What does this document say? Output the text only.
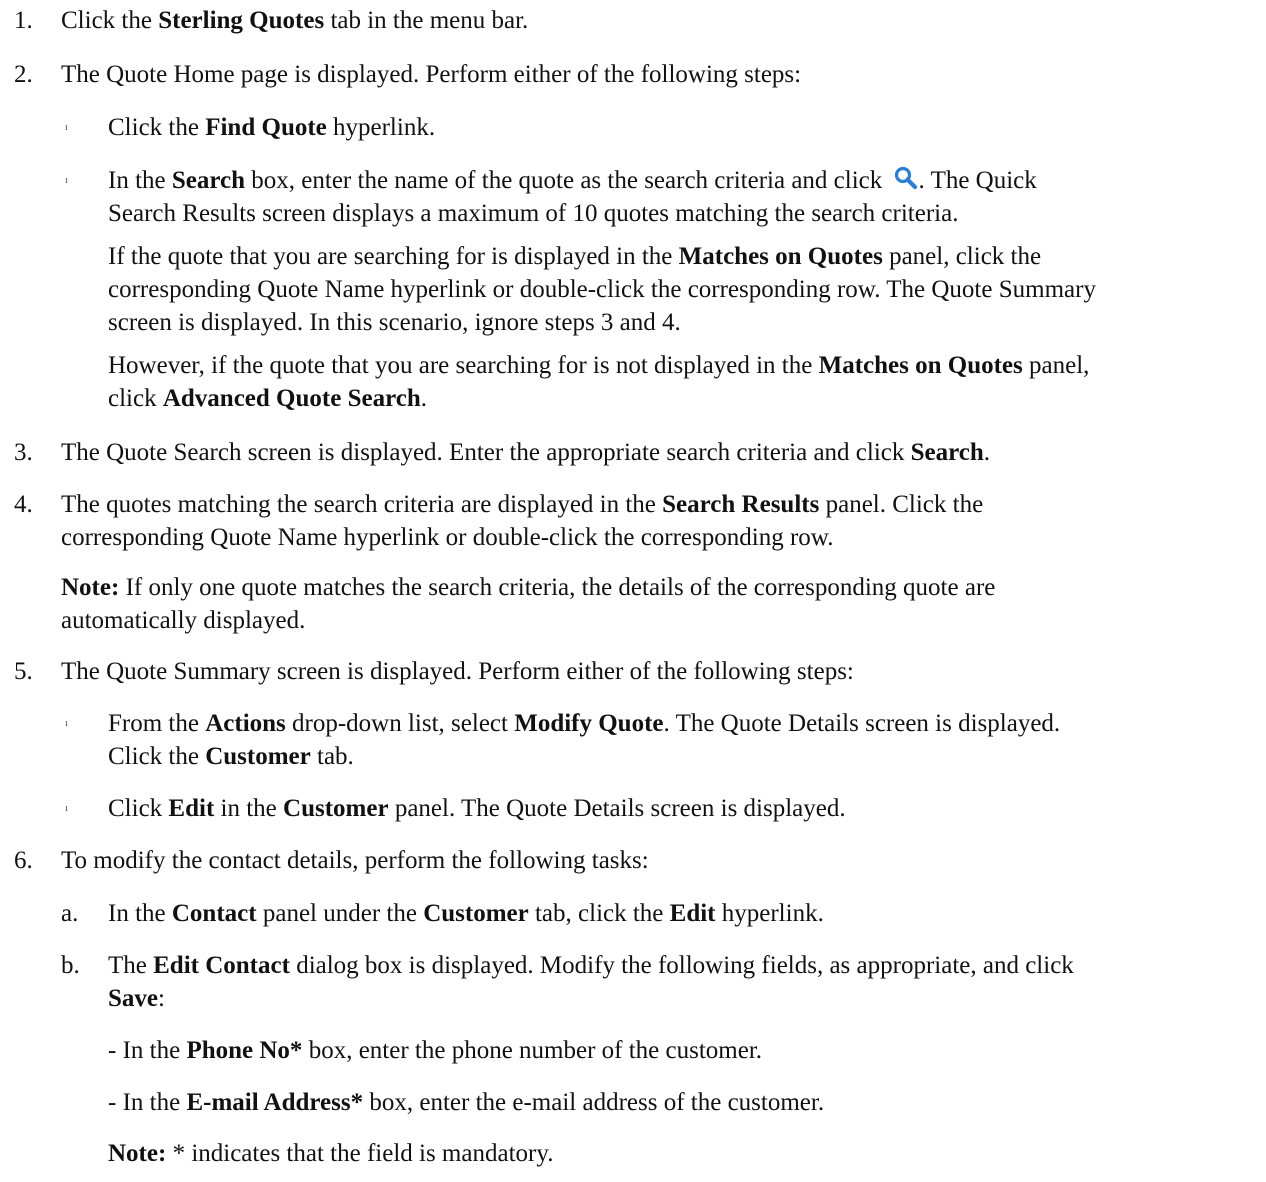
1. Click the Sterling Quotes tab in the menu bar.

2. The Quote Home page is displayed. Perform either of the following steps:

ı Click the Find Quote hyperlink.

ı In the Search box, enter the name of the quote as the search criteria and click
. The Quick
Search Results screen displays a maximum of 10 quotes matching the search criteria.

If the quote that you are searching for is displayed in the Matches on Quotes panel, click the
corresponding Quote Name hyperlink or double-click the corresponding row. The Quote Summary
screen is displayed. In this scenario, ignore steps 3 and 4.

However, if the quote that you are searching for is not displayed in the Matches on Quotes panel,
click Advanced Quote Search.

3. The Quote Search screen is displayed. Enter the appropriate search criteria and click Search.

4. The quotes matching the search criteria are displayed in the Search Results panel. Click the
corresponding Quote Name hyperlink or double-click the corresponding row.

Note: If only one quote matches the search criteria, the details of the corresponding quote are
automatically displayed.

5. The Quote Summary screen is displayed. Perform either of the following steps:

ı From the Actions drop-down list, select Modify Quote. The Quote Details screen is displayed.
Click the Customer tab.

ı Click Edit in the Customer panel. The Quote Details screen is displayed.

6. To modify the contact details, perform the following tasks:

a. In the Contact panel under the Customer tab, click the Edit hyperlink.

b. The Edit Contact dialog box is displayed. Modify the following fields, as appropriate, and click
Save:

- In the Phone No* box, enter the phone number of the customer.

- In the E-mail Address* box, enter the e-mail address of the customer.

Note: * indicates that the field is mandatory.
